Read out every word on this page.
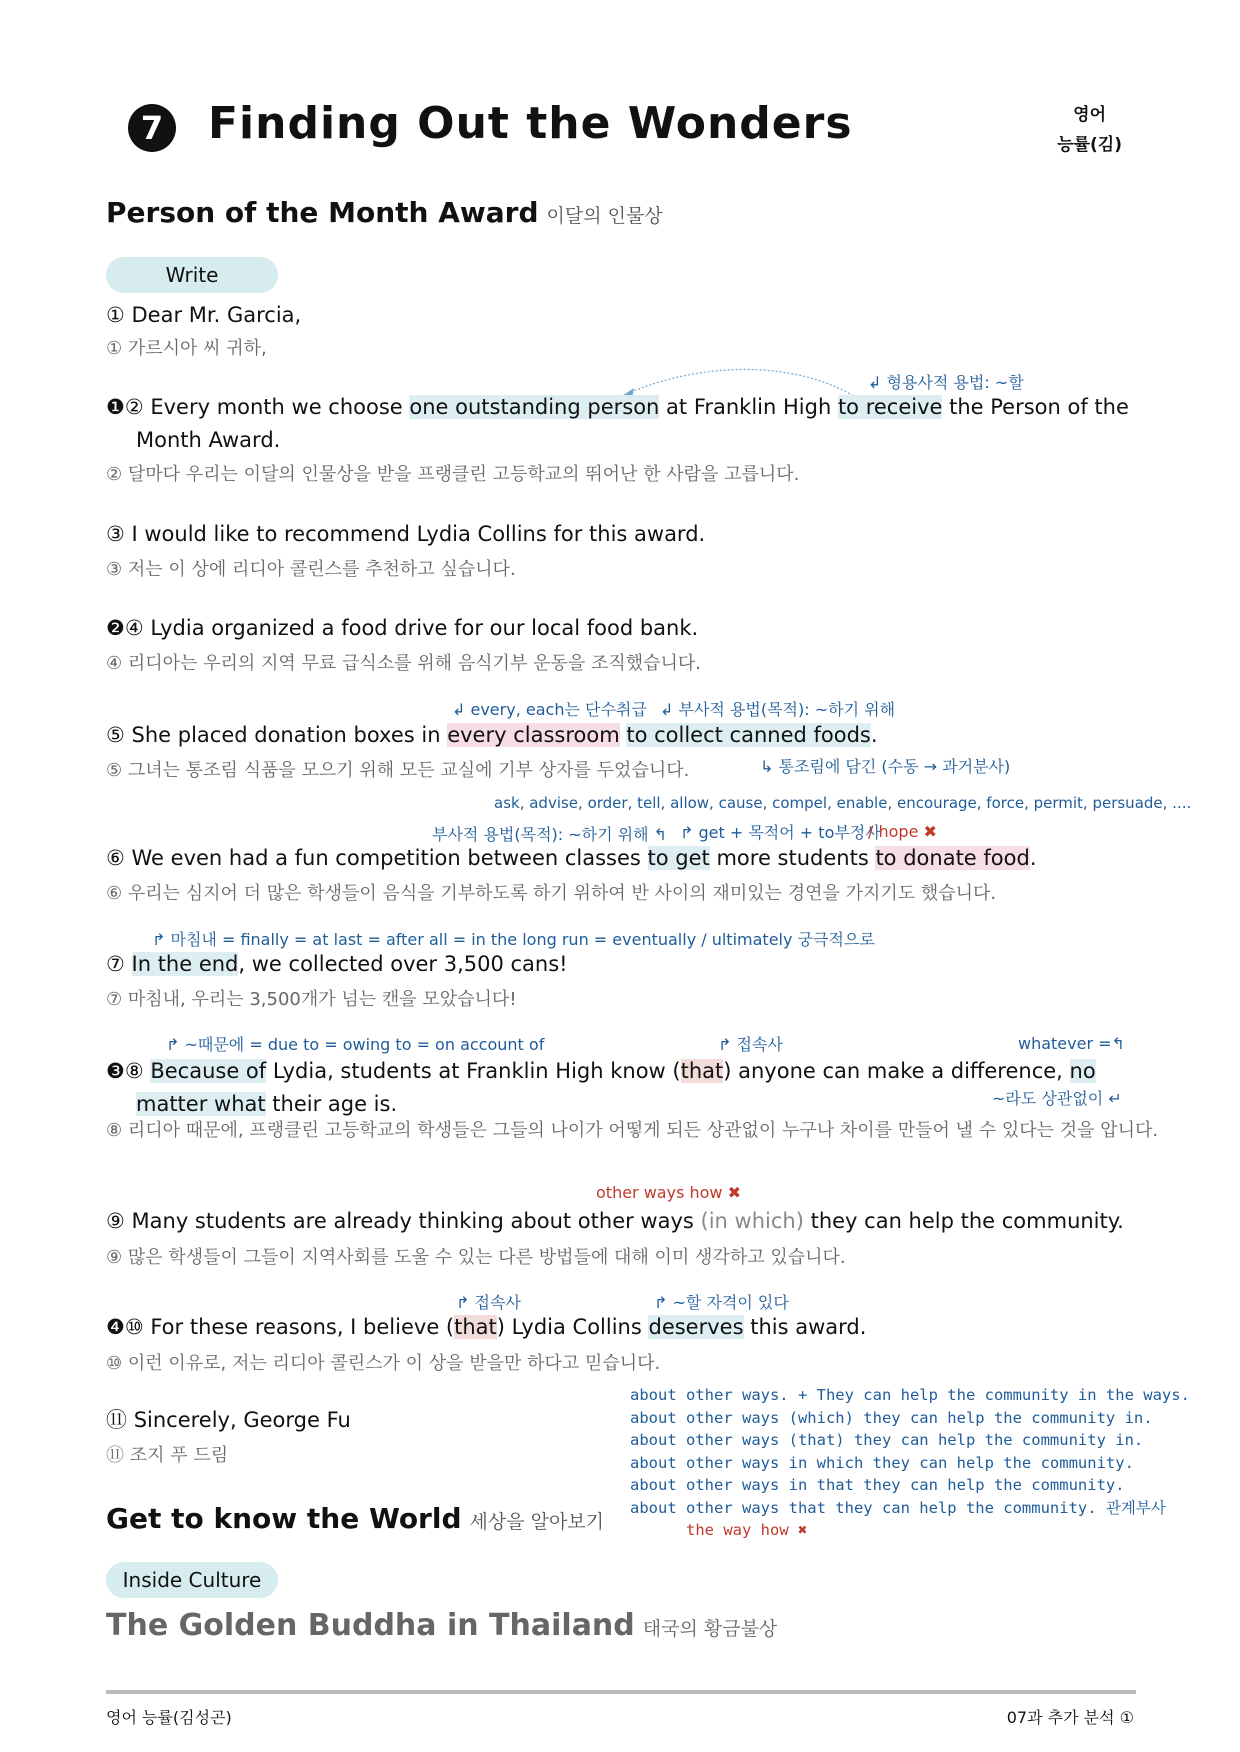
7 Finding Out the Wonders	영어
능률(김)
Person of the Month Award 이달의 인물상
Write
① Dear Mr. Garcia,
① 가르시아 씨 귀하,
↲ 형용사적 용법: ~할
❶② Every month we choose one outstanding person at Franklin High to receive the Person of the Month Award.
② 달마다 우리는 이달의 인물상을 받을 프랭클린 고등학교의 뛰어난 한 사람을 고릅니다.
③ I would like to recommend Lydia Collins for this award.
③ 저는 이 상에 리디아 콜린스를 추천하고 싶습니다.
❷④ Lydia organized a food drive for our local food bank.
④ 리디아는 우리의 지역 무료 급식소를 위해 음식기부 운동을 조직했습니다.
↲ every, each는 단수취급 ↲ 부사적 용법(목적): ~하기 위해
⑤ She placed donation boxes in every classroom to collect canned foods.
⑤ 그녀는 통조림 식품을 모으기 위해 모든 교실에 기부 상자를 두었습니다.	↳ 통조림에 담긴 (수동 → 과거분사)
ask, advise, order, tell, allow, cause, compel, enable, encourage, force, permit, persuade, ....
부사적 용법(목적): ~하기 위해 ↰ ↱ get + 목적어 + to부정사
/ hope ✖
⑥ We even had a fun competition between classes to get more students to donate food.
⑥ 우리는 심지어 더 많은 학생들이 음식을 기부하도록 하기 위하여 반 사이의 재미있는 경연을 가지기도 했습니다.
↱ 마침내 = finally = at last = after all = in the long run = eventually / ultimately 궁극적으로
⑦ In the end, we collected over 3,500 cans!
⑦ 마침내, 우리는 3,500개가 넘는 캔을 모았습니다!
↱ ~때문에 = due to = owing to = on account of	↱ 접속사	whatever =↰
❸⑧ Because of Lydia, students at Franklin High know (that) anyone can make a difference, no matter what their age is.	~라도 상관없이 ↵
⑧ 리디아 때문에, 프랭클린 고등학교의 학생들은 그들의 나이가 어떻게 되든 상관없이 누구나 차이를 만들어 낼 수 있다는 것을 압니다.
other ways how ✖
⑨ Many students are already thinking about other ways (in which) they can help the community.
⑨ 많은 학생들이 그들이 지역사회를 도울 수 있는 다른 방법들에 대해 이미 생각하고 있습니다.
↱ 접속사	↱ ~할 자격이 있다
❹⑩ For these reasons, I believe (that) Lydia Collins deserves this award.
⑩ 이런 이유로, 저는 리디아 콜린스가 이 상을 받을만 하다고 믿습니다.
about other ways. + They can help the community in the ways.
about other ways (which) they can help the community in.
about other ways (that) they can help the community in.
about other ways in which they can help the community.
about other ways in that they can help the community.
about other ways that they can help the community. 관계부사
the way how ✖
⑪ Sincerely, George Fu
⑪ 조지 푸 드림
Get to know the World 세상을 알아보기
Inside Culture
The Golden Buddha in Thailand 태국의 황금불상
영어 능률(김성곤)	07과 추가 분석 ①
